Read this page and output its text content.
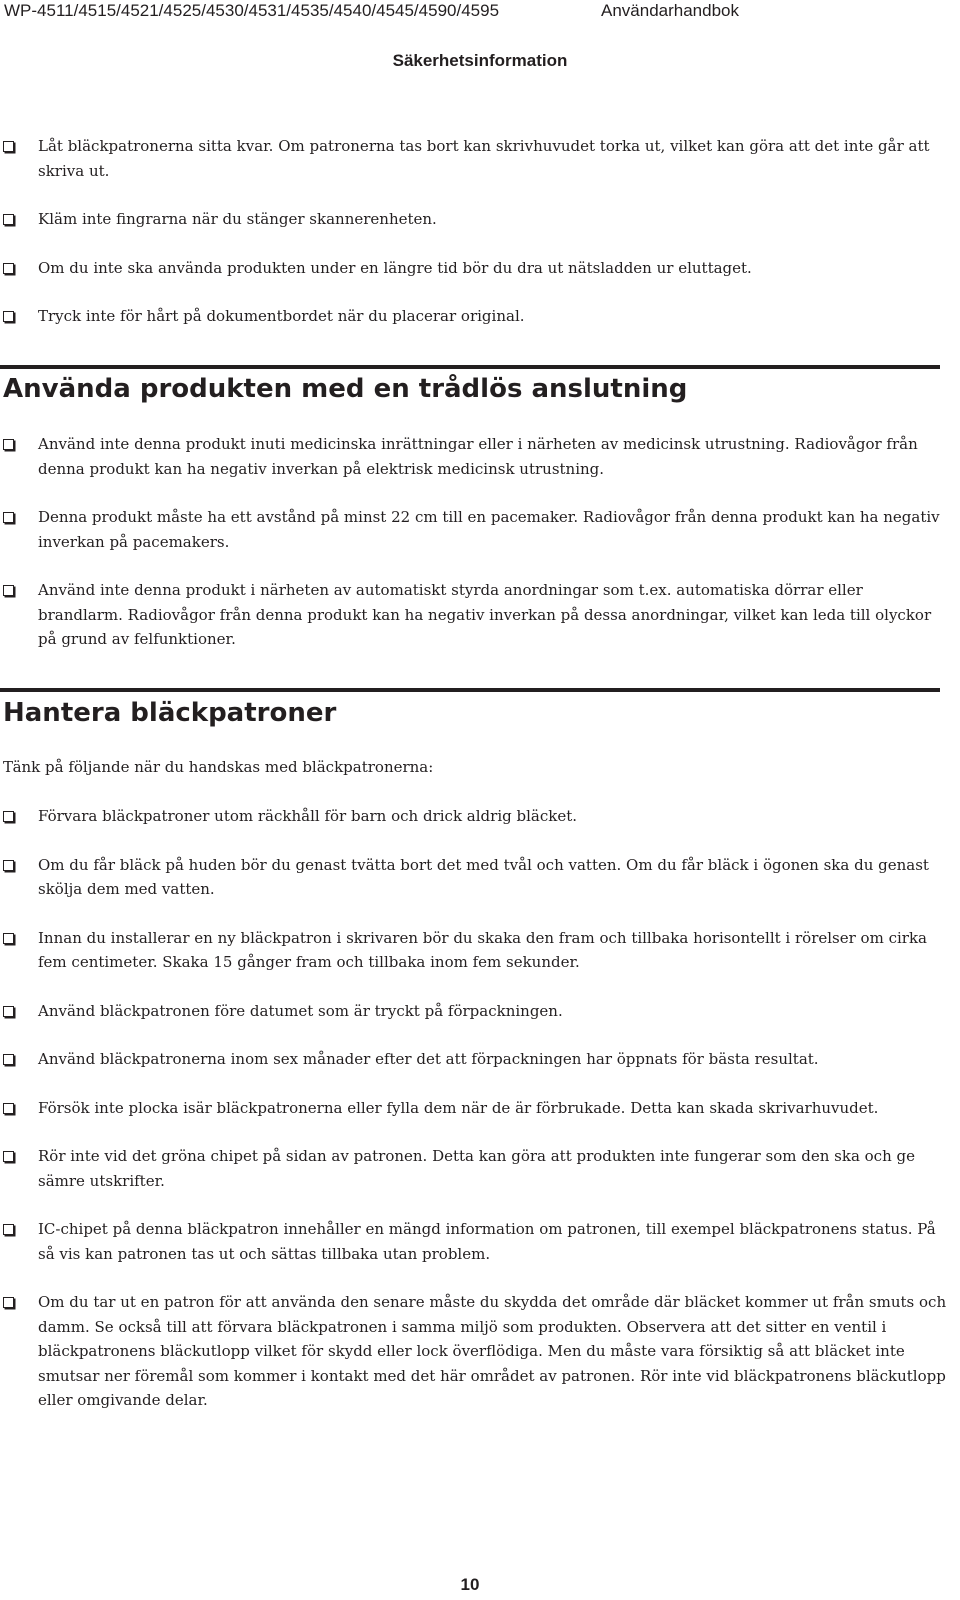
WP-4511/4515/4521/4525/4530/4531/4535/4540/4545/4590/4595	Användarhandbok
Säkerhetsinformation
Låt bläckpatronerna sitta kvar. Om patronerna tas bort kan skrivhuvudet torka ut, vilket kan göra att det inte går att skriva ut.
Kläm inte fingrarna när du stänger skannerenheten.
Om du inte ska använda produkten under en längre tid bör du dra ut nätsladden ur eluttaget.
Tryck inte för hårt på dokumentbordet när du placerar original.
Använda produkten med en trådlös anslutning
Använd inte denna produkt inuti medicinska inrättningar eller i närheten av medicinsk utrustning. Radiovågor från denna produkt kan ha negativ inverkan på elektrisk medicinsk utrustning.
Denna produkt måste ha ett avstånd på minst 22 cm till en pacemaker. Radiovågor från denna produkt kan ha negativ inverkan på pacemakers.
Använd inte denna produkt i närheten av automatiskt styrda anordningar som t.ex. automatiska dörrar eller brandlarm. Radiovågor från denna produkt kan ha negativ inverkan på dessa anordningar, vilket kan leda till olyckor på grund av felfunktioner.
Hantera bläckpatroner

Tänk på följande när du handskas med bläckpatronerna:

Förvara bläckpatroner utom räckhåll för barn och drick aldrig bläcket.
Om du får bläck på huden bör du genast tvätta bort det med tvål och vatten. Om du får bläck i ögonen ska du genast skölja dem med vatten.
Innan du installerar en ny bläckpatron i skrivaren bör du skaka den fram och tillbaka horisontellt i rörelser om cirka fem centimeter. Skaka 15 gånger fram och tillbaka inom fem sekunder.
Använd bläckpatronen före datumet som är tryckt på förpackningen.
Använd bläckpatronerna inom sex månader efter det att förpackningen har öppnats för bästa resultat.
Försök inte plocka isär bläckpatronerna eller fylla dem när de är förbrukade. Detta kan skada skrivarhuvudet.
Rör inte vid det gröna chipet på sidan av patronen. Detta kan göra att produkten inte fungerar som den ska och ge sämre utskrifter.
IC-chipet på denna bläckpatron innehåller en mängd information om patronen, till exempel bläckpatronens status. På så vis kan patronen tas ut och sättas tillbaka utan problem.
Om du tar ut en patron för att använda den senare måste du skydda det område där bläcket kommer ut från smuts och damm. Se också till att förvara bläckpatronen i samma miljö som produkten. Observera att det sitter en ventil i bläckpatronens bläckutlopp vilket för skydd eller lock överflödiga. Men du måste vara försiktig så att bläcket inte smutsar ner föremål som kommer i kontakt med det här området av patronen. Rör inte vid bläckpatronens bläckutlopp eller omgivande delar.
10
